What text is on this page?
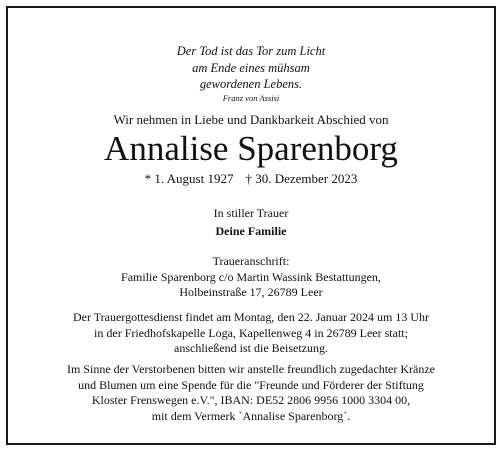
Der Tod ist das Tor zum Licht
am Ende eines mühsam
gewordenen Lebens.
Franz von Assisi
Wir nehmen in Liebe und Dankbarkeit Abschied von
Annalise Sparenborg
* 1. August 1927 † 30. Dezember 2023
In stiller Trauer
Deine Familie
Traueranschrift:
Familie Sparenborg c/o Martin Wassink Bestattungen,
Holbeinstraße 17, 26789 Leer
Der Trauergottesdienst findet am Montag, den 22. Januar 2024 um 13 Uhr
in der Friedhofskapelle Loga, Kapellenweg 4 in 26789 Leer statt;
anschließend ist die Beisetzung.
Im Sinne der Verstorbenen bitten wir anstelle freundlich zugedachter Kränze
und Blumen um eine Spende für die "Freunde und Förderer der Stiftung
Kloster Frenswegen e.V.", IBAN: DE52 2806 9956 1000 3304 00,
mit dem Vermerk `Annalise Sparenborg´.
